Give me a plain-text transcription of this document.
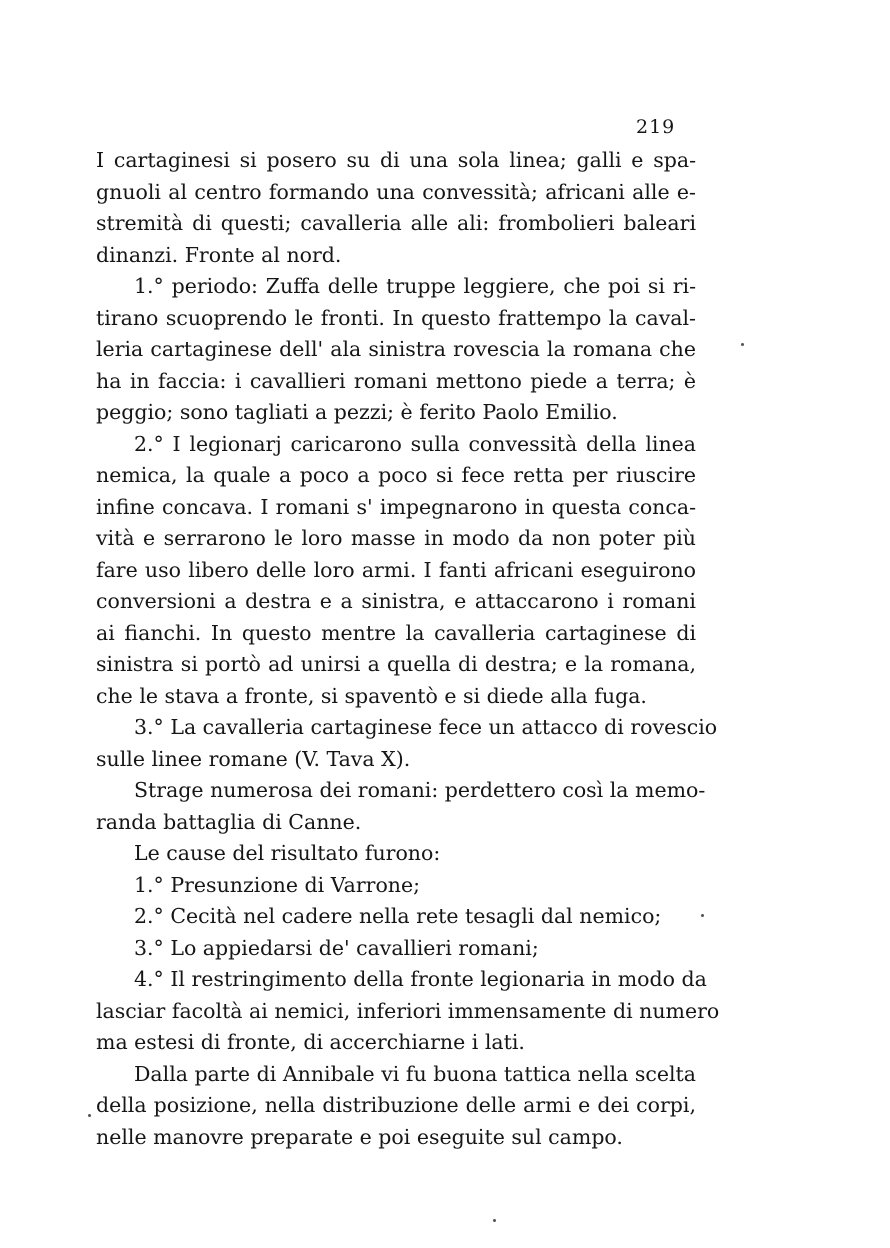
219
I cartaginesi si posero su di una sola linea; galli e spa-
gnuoli al centro formando una convessità; africani alle e-
stremità di questi; cavalleria alle ali: frombolieri baleari
dinanzi. Fronte al nord.
1.° periodo: Zuffa delle truppe leggiere, che poi si ri-
tirano scuoprendo le fronti. In questo frattempo la caval-
leria cartaginese dell' ala sinistra rovescia la romana che
ha in faccia: i cavallieri romani mettono piede a terra; è
peggio; sono tagliati a pezzi; è ferito Paolo Emilio.
2.° I legionarj caricarono sulla convessità della linea
nemica, la quale a poco a poco si fece retta per riuscire
infine concava. I romani s' impegnarono in questa conca-
vità e serrarono le loro masse in modo da non poter più
fare uso libero delle loro armi. I fanti africani eseguirono
conversioni a destra e a sinistra, e attaccarono i romani
ai fianchi. In questo mentre la cavalleria cartaginese di
sinistra si portò ad unirsi a quella di destra; e la romana,
che le stava a fronte, si spaventò e si diede alla fuga.
3.° La cavalleria cartaginese fece un attacco di rovescio
sulle linee romane (V. Tava X).
Strage numerosa dei romani: perdettero così la memo-
randa battaglia di Canne.
Le cause del risultato furono:
1.° Presunzione di Varrone;
2.° Cecità nel cadere nella rete tesagli dal nemico;
3.° Lo appiedarsi de' cavallieri romani;
4.° Il restringimento della fronte legionaria in modo da
lasciar facoltà ai nemici, inferiori immensamente di numero
ma estesi di fronte, di accerchiarne i lati.
Dalla parte di Annibale vi fu buona tattica nella scelta
della posizione, nella distribuzione delle armi e dei corpi,
nelle manovre preparate e poi eseguite sul campo.
